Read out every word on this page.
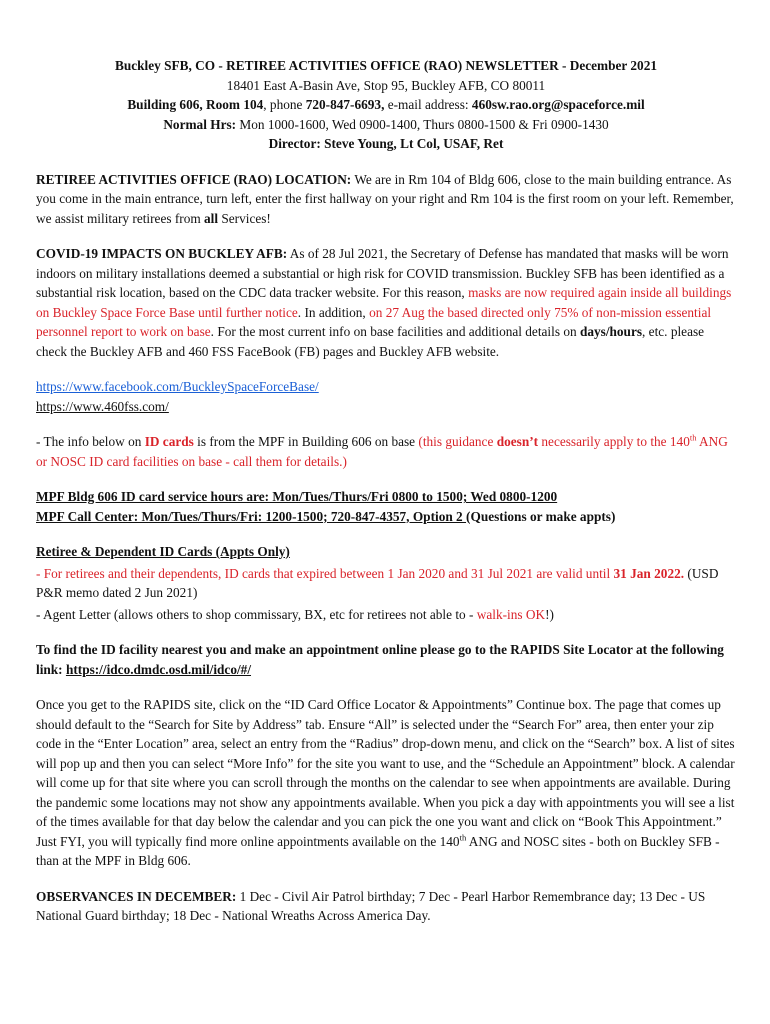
Buckley SFB, CO - RETIREE ACTIVITIES OFFICE (RAO) NEWSLETTER - December 2021
18401 East A-Basin Ave, Stop 95, Buckley AFB, CO 80011
Building 606, Room 104, phone 720-847-6693, e-mail address: 460sw.rao.org@spaceforce.mil
Normal Hrs: Mon 1000-1600, Wed 0900-1400, Thurs 0800-1500 & Fri 0900-1430
Director: Steve Young, Lt Col, USAF, Ret

RETIREE ACTIVITIES OFFICE (RAO) LOCATION: We are in Rm 104 of Bldg 606, close to the main building entrance. As you come in the main entrance, turn left, enter the first hallway on your right and Rm 104 is the first room on your left. Remember, we assist military retirees from all Services!

COVID-19 IMPACTS ON BUCKLEY AFB: As of 28 Jul 2021, the Secretary of Defense has mandated that masks will be worn indoors on military installations deemed a substantial or high risk for COVID transmission. Buckley SFB has been identified as a substantial risk location, based on the CDC data tracker website. For this reason, masks are now required again inside all buildings on Buckley Space Force Base until further notice. In addition, on 27 Aug the based directed only 75% of non-mission essential personnel report to work on base. For the most current info on base facilities and additional details on days/hours, etc. please check the Buckley AFB and 460 FSS FaceBook (FB) pages and Buckley AFB website.

https://www.facebook.com/BuckleySpaceForceBase/
https://www.460fss.com/

- The info below on ID cards is from the MPF in Building 606 on base (this guidance doesn’t necessarily apply to the 140th ANG or NOSC ID card facilities on base - call them for details.)

MPF Bldg 606 ID card service hours are: Mon/Tues/Thurs/Fri 0800 to 1500; Wed 0800-1200
MPF Call Center: Mon/Tues/Thurs/Fri: 1200-1500; 720-847-4357, Option 2 (Questions or make appts)
Retiree & Dependent ID Cards (Appts Only)

- For retirees and their dependents, ID cards that expired between 1 Jan 2020 and 31 Jul 2021 are valid until 31 Jan 2022. (USD P&R memo dated 2 Jun 2021)

- Agent Letter (allows others to shop commissary, BX, etc for retirees not able to - walk-ins OK!)

To find the ID facility nearest you and make an appointment online please go to the RAPIDS Site Locator at the following link: https://idco.dmdc.osd.mil/idco/#/

Once you get to the RAPIDS site, click on the “ID Card Office Locator & Appointments” Continue box. The page that comes up should default to the “Search for Site by Address” tab. Ensure “All” is selected under the “Search For” area, then enter your zip code in the “Enter Location” area, select an entry from the “Radius” drop-down menu, and click on the “Search” box. A list of sites will pop up and then you can select “More Info” for the site you want to use, and the “Schedule an Appointment” block. A calendar will come up for that site where you can scroll through the months on the calendar to see when appointments are available. During the pandemic some locations may not show any appointments available. When you pick a day with appointments you will see a list of the times available for that day below the calendar and you can pick the one you want and click on “Book This Appointment.” Just FYI, you will typically find more online appointments available on the 140th ANG and NOSC sites - both on Buckley SFB - than at the MPF in Bldg 606.

OBSERVANCES IN DECEMBER: 1 Dec - Civil Air Patrol birthday; 7 Dec - Pearl Harbor Remembrance day; 13 Dec - US National Guard birthday; 18 Dec - National Wreaths Across America Day.
